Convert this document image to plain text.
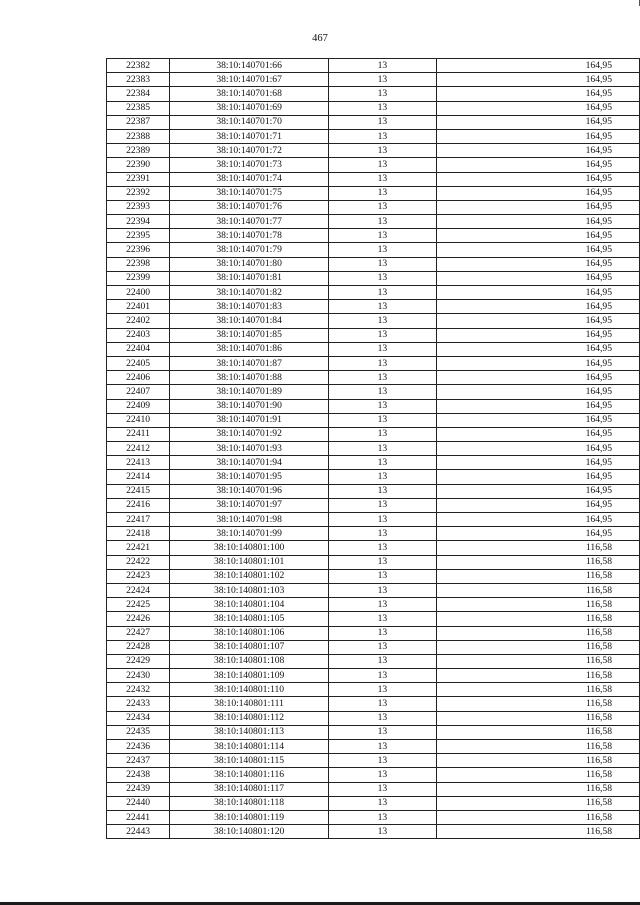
467
22382	38:10:140701:66	13	164,95
22383	38:10:140701:67	13	164,95
22384	38:10:140701:68	13	164,95
22385	38:10:140701:69	13	164,95
22387	38:10:140701:70	13	164,95
22388	38:10:140701:71	13	164,95
22389	38:10:140701:72	13	164,95
22390	38:10:140701:73	13	164,95
22391	38:10:140701:74	13	164,95
22392	38:10:140701:75	13	164,95
22393	38:10:140701:76	13	164,95
22394	38:10:140701:77	13	164,95
22395	38:10:140701:78	13	164,95
22396	38:10:140701:79	13	164,95
22398	38:10:140701:80	13	164,95
22399	38:10:140701:81	13	164,95
22400	38:10:140701:82	13	164,95
22401	38:10:140701:83	13	164,95
22402	38:10:140701:84	13	164,95
22403	38:10:140701:85	13	164,95
22404	38:10:140701:86	13	164,95
22405	38:10:140701:87	13	164,95
22406	38:10:140701:88	13	164,95
22407	38:10:140701:89	13	164,95
22409	38:10:140701:90	13	164,95
22410	38:10:140701:91	13	164,95
22411	38:10:140701:92	13	164,95
22412	38:10:140701:93	13	164,95
22413	38:10:140701:94	13	164,95
22414	38:10:140701:95	13	164,95
22415	38:10:140701:96	13	164,95
22416	38:10:140701:97	13	164,95
22417	38:10:140701:98	13	164,95
22418	38:10:140701:99	13	164,95
22421	38:10:140801:100	13	116,58
22422	38:10:140801:101	13	116,58
22423	38:10:140801:102	13	116,58
22424	38:10:140801:103	13	116,58
22425	38:10:140801:104	13	116,58
22426	38:10:140801:105	13	116,58
22427	38:10:140801:106	13	116,58
22428	38:10:140801:107	13	116,58
22429	38:10:140801:108	13	116,58
22430	38:10:140801:109	13	116,58
22432	38:10:140801:110	13	116,58
22433	38:10:140801:111	13	116,58
22434	38:10:140801:112	13	116,58
22435	38:10:140801:113	13	116,58
22436	38:10:140801:114	13	116,58
22437	38:10:140801:115	13	116,58
22438	38:10:140801:116	13	116,58
22439	38:10:140801:117	13	116,58
22440	38:10:140801:118	13	116,58
22441	38:10:140801:119	13	116,58
22443	38:10:140801:120	13	116,58
